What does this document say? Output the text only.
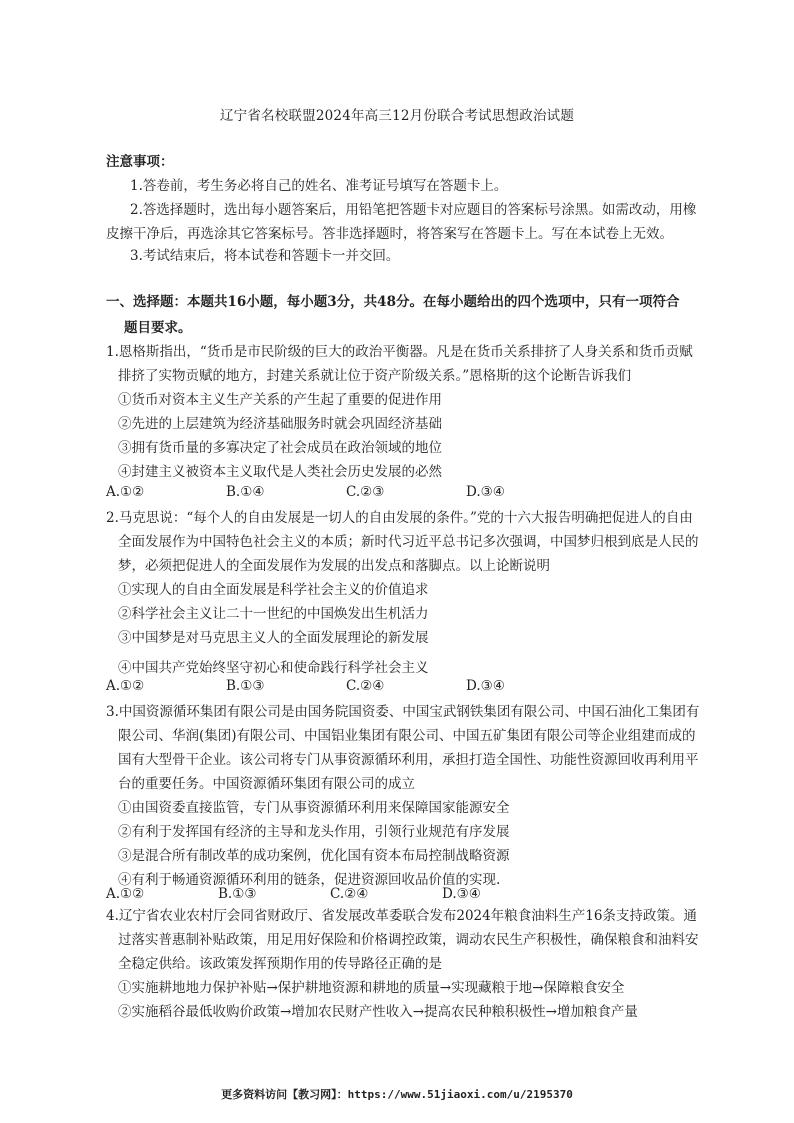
辽宁省名校联盟2024年高三12月份联合考试思想政治试题
注意事项：
1.答卷前，考生务必将自己的姓名、准考证号填写在答题卡上。
2.答选择题时，选出每小题答案后，用铅笔把答题卡对应题目的答案标号涂黑。如需改动，用橡
皮擦干净后，再选涂其它答案标号。答非选择题时，将答案写在答题卡上。写在本试卷上无效。
3.考试结束后，将本试卷和答题卡一并交回。
一、选择题：本题共16小题，每小题3分，共48分。在每小题给出的四个选项中，只有一项符合
题目要求。
1.恩格斯指出，“货币是市民阶级的巨大的政治平衡器。凡是在货币关系排挤了人身关系和货币贡赋
排挤了实物贡赋的地方，封建关系就让位于资产阶级关系。”恩格斯的这个论断告诉我们
①货币对资本主义生产关系的产生起了重要的促进作用
②先进的上层建筑为经济基础服务时就会巩固经济基础
③拥有货币量的多寡决定了社会成员在政治领域的地位
④封建主义被资本主义取代是人类社会历史发展的必然
A.①②	B.①④	C.②③	D.③④
2.马克思说：“每个人的自由发展是一切人的自由发展的条件。”党的十六大报告明确把促进人的自由
全面发展作为中国特色社会主义的本质；新时代习近平总书记多次强调，中国梦归根到底是人民的
梦，必须把促进人的全面发展作为发展的出发点和落脚点。以上论断说明
①实现人的自由全面发展是科学社会主义的价值追求
②科学社会主义让二十一世纪的中国焕发出生机活力
③中国梦是对马克思主义人的全面发展理论的新发展
④中国共产党始终坚守初心和使命践行科学社会主义
A.①②	B.①③	C.②④	D.③④
3.中国资源循环集团有限公司是由国务院国资委、中国宝武钢铁集团有限公司、中国石油化工集团有
限公司、华润(集团)有限公司、中国铝业集团有限公司、中国五矿集团有限公司等企业组建而成的
国有大型骨干企业。该公司将专门从事资源循环利用，承担打造全国性、功能性资源回收再利用平
台的重要任务。中国资源循环集团有限公司的成立
①由国资委直接监管，专门从事资源循环利用来保障国家能源安全
②有利于发挥国有经济的主导和龙头作用，引领行业规范有序发展
③是混合所有制改革的成功案例，优化国有资本布局控制战略资源
④有利于畅通资源循环利用的链条，促进资源回收品价值的实现.
A.①②	B.①③	C.②④	D.③④
4.辽宁省农业农村厅会同省财政厅、省发展改革委联合发布2024年粮食油料生产16条支持政策。通
过落实普惠制补贴政策，用足用好保险和价格调控政策，调动农民生产积极性，确保粮食和油料安
全稳定供给。该政策发挥预期作用的传导路径正确的是
①实施耕地地力保护补贴→保护耕地资源和耕地的质量→实现藏粮于地→保障粮食安全
②实施稻谷最低收购价政策→增加农民财产性收入→提高农民种粮积极性→增加粮食产量
更多资料访问【教习网】：https://www.51jiaoxi.com/u/2195370
